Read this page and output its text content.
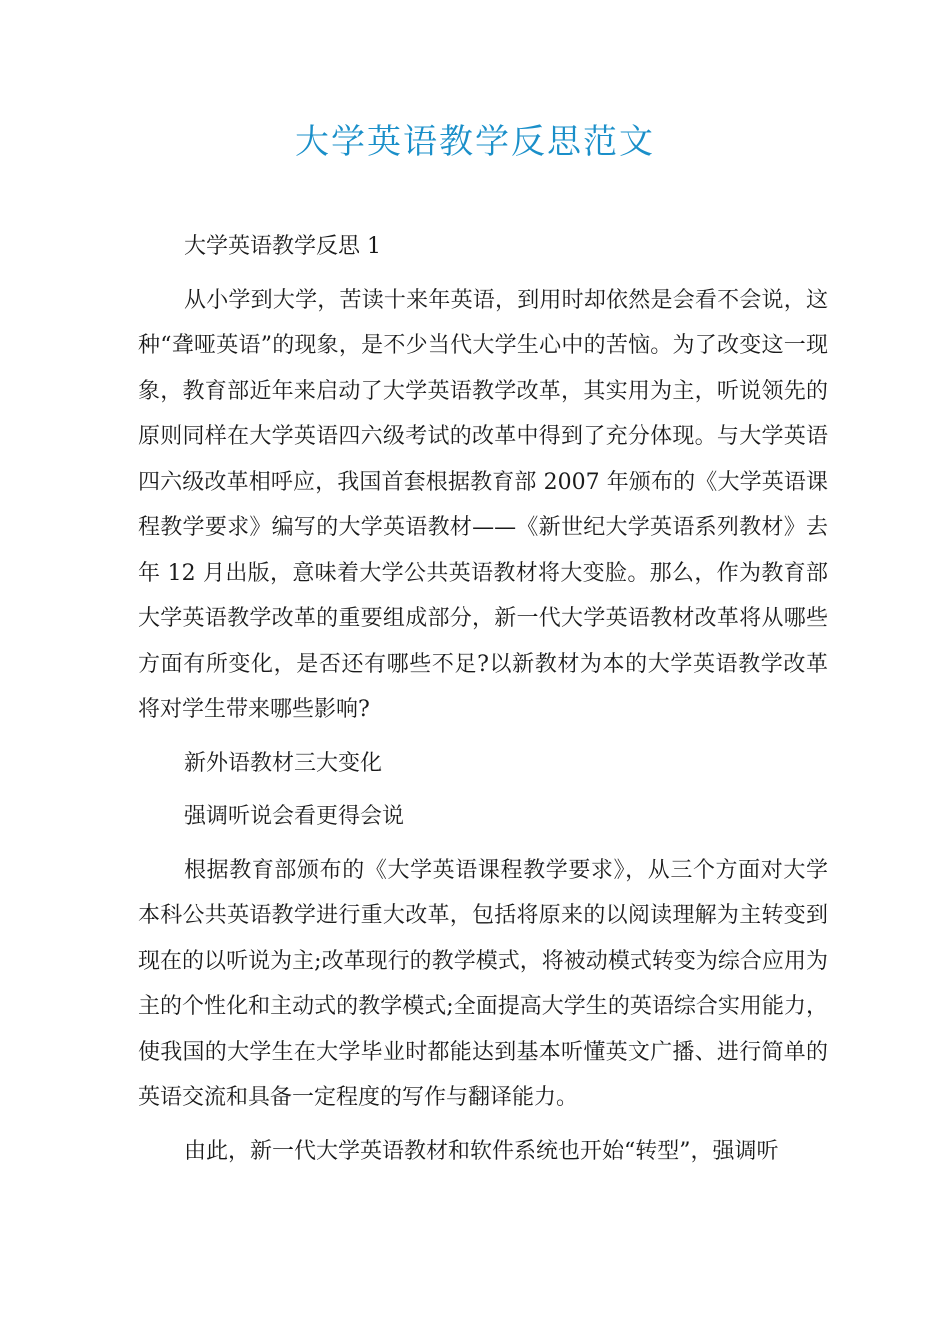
大学英语教学反思范文

大学英语教学反思 1

从小学到大学，苦读十来年英语，到用时却依然是会看不会说，这种“聋哑英语”的现象，是不少当代大学生心中的苦恼。为了改变这一现象，教育部近年来启动了大学英语教学改革，其实用为主，听说领先的原则同样在大学英语四六级考试的改革中得到了充分体现。与大学英语四六级改革相呼应，我国首套根据教育部 2007 年颁布的《大学英语课程教学要求》编写的大学英语教材——《新世纪大学英语系列教材》去年 12 月出版，意味着大学公共英语教材将大变脸。那么，作为教育部大学英语教学改革的重要组成部分，新一代大学英语教材改革将从哪些方面有所变化，是否还有哪些不足?以新教材为本的大学英语教学改革将对学生带来哪些影响?

新外语教材三大变化

强调听说会看更得会说

根据教育部颁布的《大学英语课程教学要求》，从三个方面对大学本科公共英语教学进行重大改革，包括将原来的以阅读理解为主转变到现在的以听说为主;改革现行的教学模式，将被动模式转变为综合应用为主的个性化和主动式的教学模式;全面提高大学生的英语综合实用能力，使我国的大学生在大学毕业时都能达到基本听懂英文广播、进行简单的英语交流和具备一定程度的写作与翻译能力。

由此，新一代大学英语教材和软件系统也开始“转型”，强调听
